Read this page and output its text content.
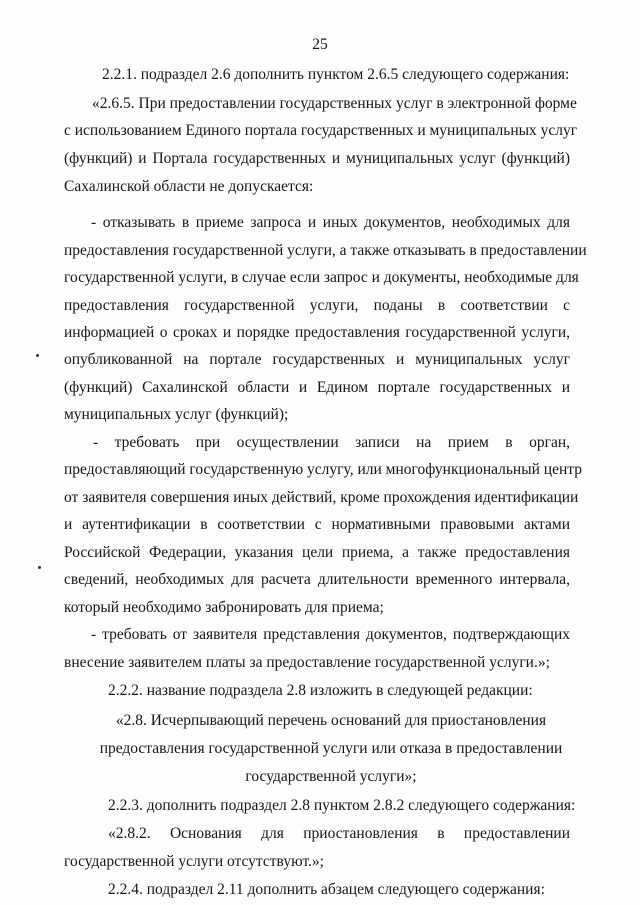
25
2.2.1. подраздел 2.6 дополнить пунктом 2.6.5 следующего содержания:
«2.6.5. При предоставлении государственных услуг в электронной форме
с использованием Единого портала государственных и муниципальных услуг
(функций) и Портала государственных и муниципальных услуг (функций)
Сахалинской области не допускается:
- отказывать в приеме запроса и иных документов, необходимых для
предоставления государственной услуги, а также отказывать в предоставлении
государственной услуги, в случае если запрос и документы, необходимые для
предоставления государственной услуги, поданы в соответствии с
информацией о сроках и порядке предоставления государственной услуги,
опубликованной на портале государственных и муниципальных услуг
(функций) Сахалинской области и Едином портале государственных и
муниципальных услуг (функций);
- требовать при осуществлении записи на прием в орган,
предоставляющий государственную услугу, или многофункциональный центр
от заявителя совершения иных действий, кроме прохождения идентификации
и аутентификации в соответствии с нормативными правовыми актами
Российской Федерации, указания цели приема, а также предоставления
сведений, необходимых для расчета длительности временного интервала,
который необходимо забронировать для приема;
- требовать от заявителя представления документов, подтверждающих
внесение заявителем платы за предоставление государственной услуги.»;
2.2.2. название подраздела 2.8 изложить в следующей редакции:
«2.8. Исчерпывающий перечень оснований для приостановления
предоставления государственной услуги или отказа в предоставлении
государственной услуги»;
2.2.3. дополнить подраздел 2.8 пунктом 2.8.2 следующего содержания:
«2.8.2. Основания для приостановления в предоставлении
государственной услуги отсутствуют.»;
2.2.4. подраздел 2.11 дополнить абзацем следующего содержания:
